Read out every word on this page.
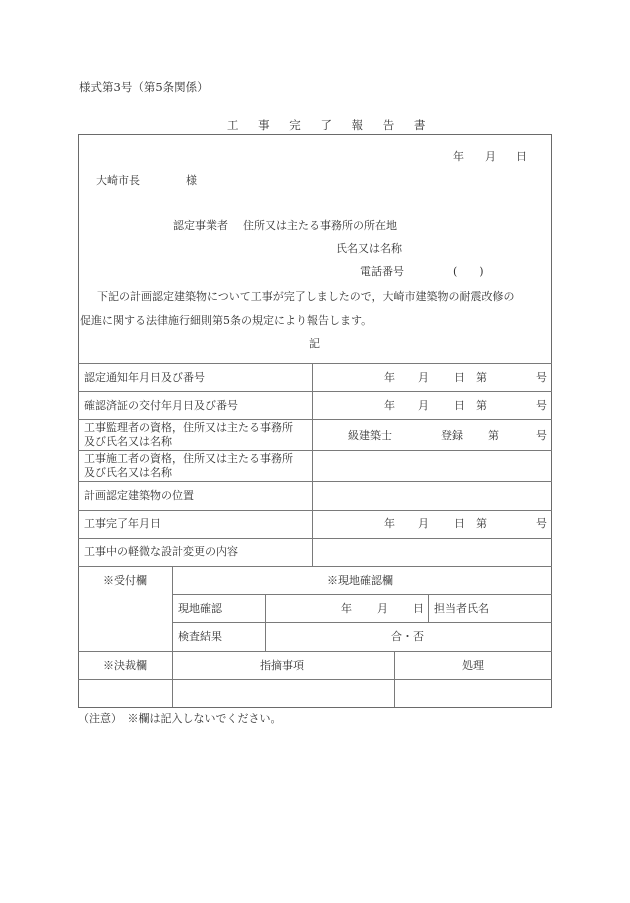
様式第3号（第5条関係）
工 事 完 了 報 告 書
年 月 日
大崎市長	様
認定事業者 住所又は主たる事務所の所在地
氏名又は名称
電話番号	(　　)
下記の計画認定建築物について工事が完了しましたので，大崎市建築物の耐震改修の
促進に関する法律施行細則第5条の規定により報告します。
記
認定通知年月日及び番号	年 月 日 第	号
確認済証の交付年月日及び番号	年 月 日 第	号
工事監理者の資格，住所又は主たる事務所
及び氏名又は名称	級建築士	登録 第	号
工事施工者の資格，住所又は主たる事務所
及び氏名又は名称
計画認定建築物の位置
工事完了年月日	年 月 日 第	号
工事中の軽微な設計変更の内容
※受付欄	※現地確認欄
現地確認	年 月 日 担当者氏名
検査結果	合・否
※決裁欄	指摘事項	処理
（注意）　※欄は記入しないでください。
